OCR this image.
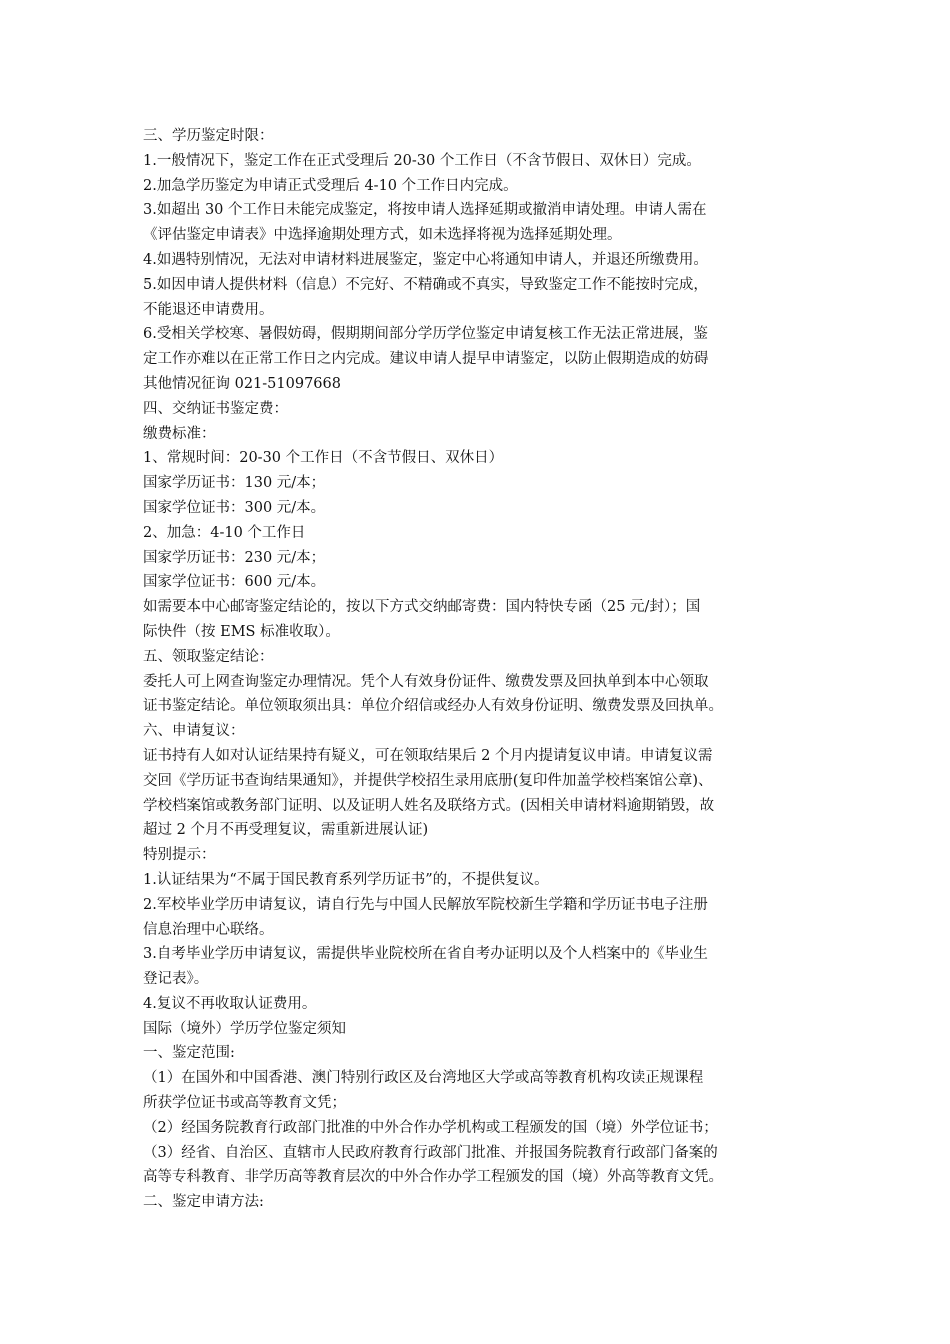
三、学历鉴定时限：
1.一般情况下，鉴定工作在正式受理后 20-30 个工作日（不含节假日、双休日）完成。
2.加急学历鉴定为申请正式受理后 4-10 个工作日内完成。
3.如超出 30 个工作日未能完成鉴定，将按申请人选择延期或撤消申请处理。申请人需在
《评估鉴定申请表》中选择逾期处理方式，如未选择将视为选择延期处理。
4.如遇特别情况，无法对申请材料进展鉴定，鉴定中心将通知申请人，并退还所缴费用。
5.如因申请人提供材料（信息）不完好、不精确或不真实，导致鉴定工作不能按时完成，
不能退还申请费用。
6.受相关学校寒、暑假妨碍，假期期间部分学历学位鉴定申请复核工作无法正常进展，鉴
定工作亦难以在正常工作日之内完成。建议申请人提早申请鉴定，以防止假期造成的妨碍
其他情况征询 021-51097668
四、交纳证书鉴定费：
缴费标准：
1、常规时间：20-30 个工作日（不含节假日、双休日）
国家学历证书：130 元/本；
国家学位证书：300 元/本。
2、加急：4-10 个工作日
国家学历证书：230 元/本；
国家学位证书：600 元/本。
如需要本中心邮寄鉴定结论的，按以下方式交纳邮寄费：国内特快专函（25 元/封）；国
际快件（按 EMS 标准收取）。
五、领取鉴定结论：
委托人可上网查询鉴定办理情况。凭个人有效身份证件、缴费发票及回执单到本中心领取
证书鉴定结论。单位领取须出具：单位介绍信或经办人有效身份证明、缴费发票及回执单。
六、申请复议：
证书持有人如对认证结果持有疑义，可在领取结果后 2 个月内提请复议申请。申请复议需
交回《学历证书查询结果通知》，并提供学校招生录用底册(复印件加盖学校档案馆公章)、
学校档案馆或教务部门证明、以及证明人姓名及联络方式。(因相关申请材料逾期销毁，故
超过 2 个月不再受理复议，需重新进展认证)
特别提示：
1.认证结果为“不属于国民教育系列学历证书”的，不提供复议。
2.军校毕业学历申请复议，请自行先与中国人民解放军院校新生学籍和学历证书电子注册
信息治理中心联络。
3.自考毕业学历申请复议，需提供毕业院校所在省自考办证明以及个人档案中的《毕业生
登记表》。
4.复议不再收取认证费用。
国际（境外）学历学位鉴定须知
一、鉴定范围:
（1）在国外和中国香港、澳门特别行政区及台湾地区大学或高等教育机构攻读正规课程
所获学位证书或高等教育文凭；
（2）经国务院教育行政部门批准的中外合作办学机构或工程颁发的国（境）外学位证书；
（3）经省、自治区、直辖市人民政府教育行政部门批准、并报国务院教育行政部门备案的
高等专科教育、非学历高等教育层次的中外合作办学工程颁发的国（境）外高等教育文凭。
二、鉴定申请方法:
